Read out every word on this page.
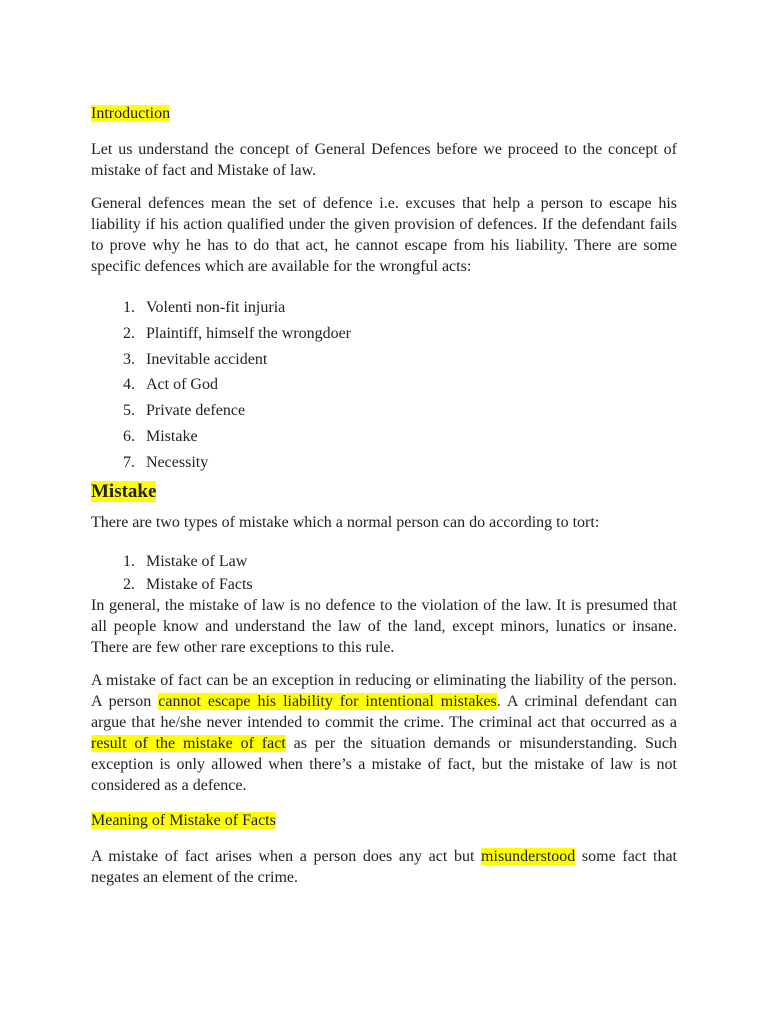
Introduction

Let us understand the concept of General Defences before we proceed to the concept of mistake of fact and Mistake of law.

General defences mean the set of defence i.e. excuses that help a person to escape his liability if his action qualified under the given provision of defences. If the defendant fails to prove why he has to do that act, he cannot escape from his liability. There are some specific defences which are available for the wrongful acts:

1. Volenti non-fit injuria
2. Plaintiff, himself the wrongdoer
3. Inevitable accident
4. Act of God
5. Private defence
6. Mistake
7. Necessity
Mistake

There are two types of mistake which a normal person can do according to tort:

1. Mistake of Law
2. Mistake of Facts

In general, the mistake of law is no defence to the violation of the law. It is presumed that all people know and understand the law of the land, except minors, lunatics or insane. There are few other rare exceptions to this rule.

A mistake of fact can be an exception in reducing or eliminating the liability of the person. A person cannot escape his liability for intentional mistakes. A criminal defendant can argue that he/she never intended to commit the crime. The criminal act that occurred as a result of the mistake of fact as per the situation demands or misunderstanding. Such exception is only allowed when there’s a mistake of fact, but the mistake of law is not considered as a defence.

Meaning of Mistake of Facts

A mistake of fact arises when a person does any act but misunderstood some fact that negates an element of the crime.
